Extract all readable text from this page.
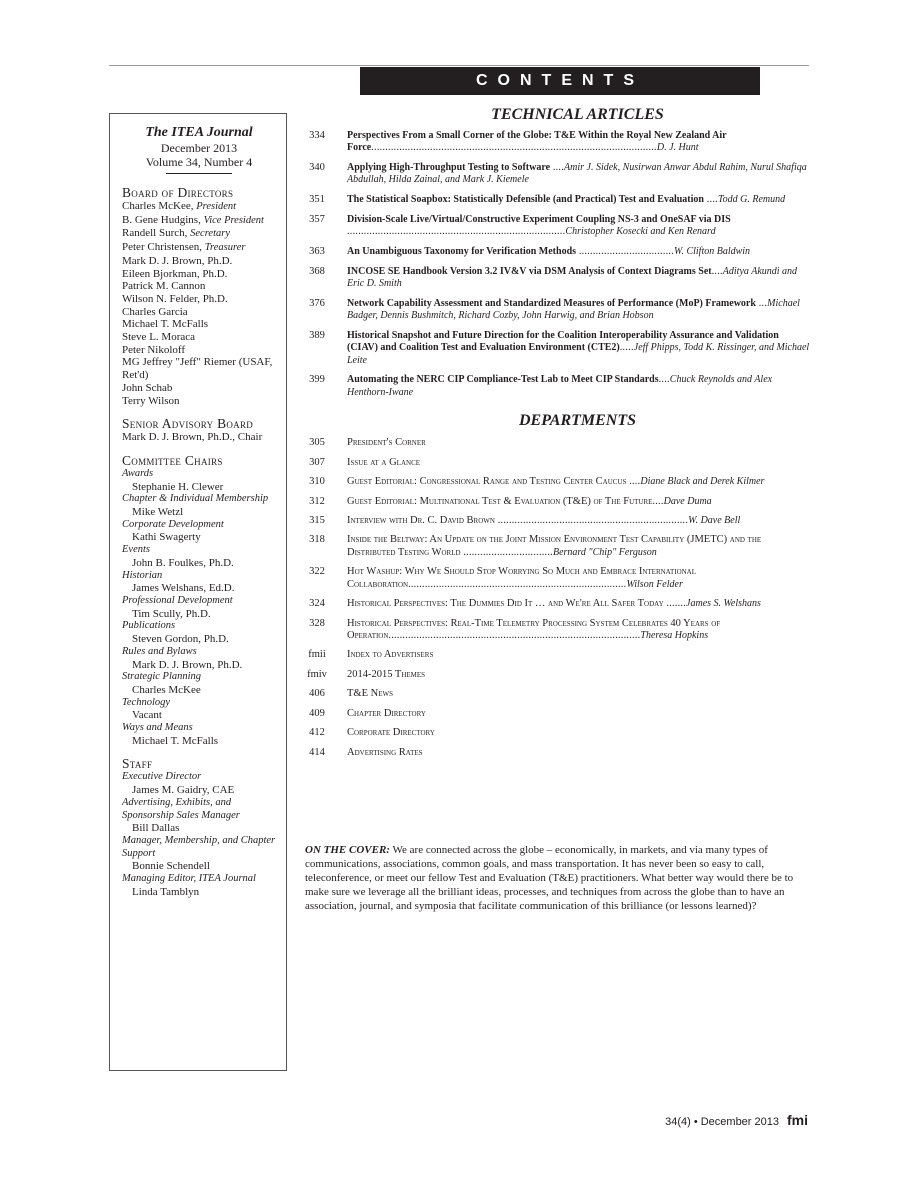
CONTENTS
The ITEA Journal
December 2013
Volume 34, Number 4
Board of Directors
Charles McKee, President
B. Gene Hudgins, Vice President
Randell Surch, Secretary
Peter Christensen, Treasurer
Mark D. J. Brown, Ph.D.
Eileen Bjorkman, Ph.D.
Patrick M. Cannon
Wilson N. Felder, Ph.D.
Charles Garcia
Michael T. McFalls
Steve L. Moraca
Peter Nikoloff
MG Jeffrey "Jeff" Riemer (USAF, Ret'd)
John Schab
Terry Wilson
Senior Advisory Board
Mark D. J. Brown, Ph.D., Chair
Committee Chairs
Awards
Stephanie H. Clewer
Chapter & Individual Membership
Mike Wetzl
Corporate Development
Kathi Swagerty
Events
John B. Foulkes, Ph.D.
Historian
James Welshans, Ed.D.
Professional Development
Tim Scully, Ph.D.
Publications
Steven Gordon, Ph.D.
Rules and Bylaws
Mark D. J. Brown, Ph.D.
Strategic Planning
Charles McKee
Technology
Vacant
Ways and Means
Michael T. McFalls
Staff
Executive Director
James M. Gaidry, CAE
Advertising, Exhibits, and Sponsorship Sales Manager
Bill Dallas
Manager, Membership, and Chapter Support
Bonnie Schendell
Managing Editor, ITEA Journal
Linda Tamblyn
TECHNICAL ARTICLES
334	Perspectives From a Small Corner of the Globe: T&E Within the Royal New Zealand Air Force......................................................................................................D. J. Hunt
340	Applying High-Throughput Testing to Software ....Amir J. Sidek, Nusirwan Anwar Abdul Rahim, Nurul Shafiqa Abdullah, Hilda Zainal, and Mark J. Kiemele
351	The Statistical Soapbox: Statistically Defensible (and Practical) Test and Evaluation ....Todd G. Remund
357	Division-Scale Live/Virtual/Constructive Experiment Coupling NS-3 and OneSAF via DIS ..............................................................................Christopher Kosecki and Ken Renard
363	An Unambiguous Taxonomy for Verification Methods ..................................W. Clifton Baldwin
368	INCOSE SE Handbook Version 3.2 IV&V via DSM Analysis of Context Diagrams Set....Aditya Akundi and Eric D. Smith
376	Network Capability Assessment and Standardized Measures of Performance (MoP) Framework ...Michael Badger, Dennis Bushmitch, Richard Cozby, John Harwig, and Brian Hobson
389	Historical Snapshot and Future Direction for the Coalition Interoperability Assurance and Validation (CIAV) and Coalition Test and Evaluation Environment (CTE2).....Jeff Phipps, Todd K. Rissinger, and Michael Leite
399	Automating the NERC CIP Compliance-Test Lab to Meet CIP Standards....Chuck Reynolds and Alex Henthorn-Iwane
DEPARTMENTS
305	President's Corner
307	Issue at a Glance
310	Guest Editorial: Congressional Range and Testing Center Caucus ....Diane Black and Derek Kilmer
312	Guest Editorial: Multinational Test & Evaluation (T&E) of The Future....Dave Duma
315	Interview with Dr. C. David Brown ....................................................................W. Dave Bell
318	Inside the Beltway: An Update on the Joint Mission Environment Test Capability (JMETC) and the Distributed Testing World ................................Bernard "Chip" Ferguson
322	Hot Washup: Why We Should Stop Worrying So Much and Embrace International Collaboration..............................................................................Wilson Felder
324	Historical Perspectives: The Dummies Did It … and We're All Safer Today .......James S. Welshans
328	Historical Perspectives: Real-Time Telemetry Processing System Celebrates 40 Years of Operation..........................................................................................Theresa Hopkins
fmii	Index to Advertisers
fmiv 2014-2015 Themes
406	T&E News
409	Chapter Directory
412	Corporate Directory
414	Advertising Rates
ON THE COVER: We are connected across the globe – economically, in markets, and via many types of communications, associations, common goals, and mass transportation. It has never been so easy to call, teleconference, or meet our fellow Test and Evaluation (T&E) practitioners. What better way would there be to make sure we leverage all the brilliant ideas, processes, and techniques from across the globe than to have an association, journal, and symposia that facilitate communication of this brilliance (or lessons learned)?
34(4) • December 2013 fmi
